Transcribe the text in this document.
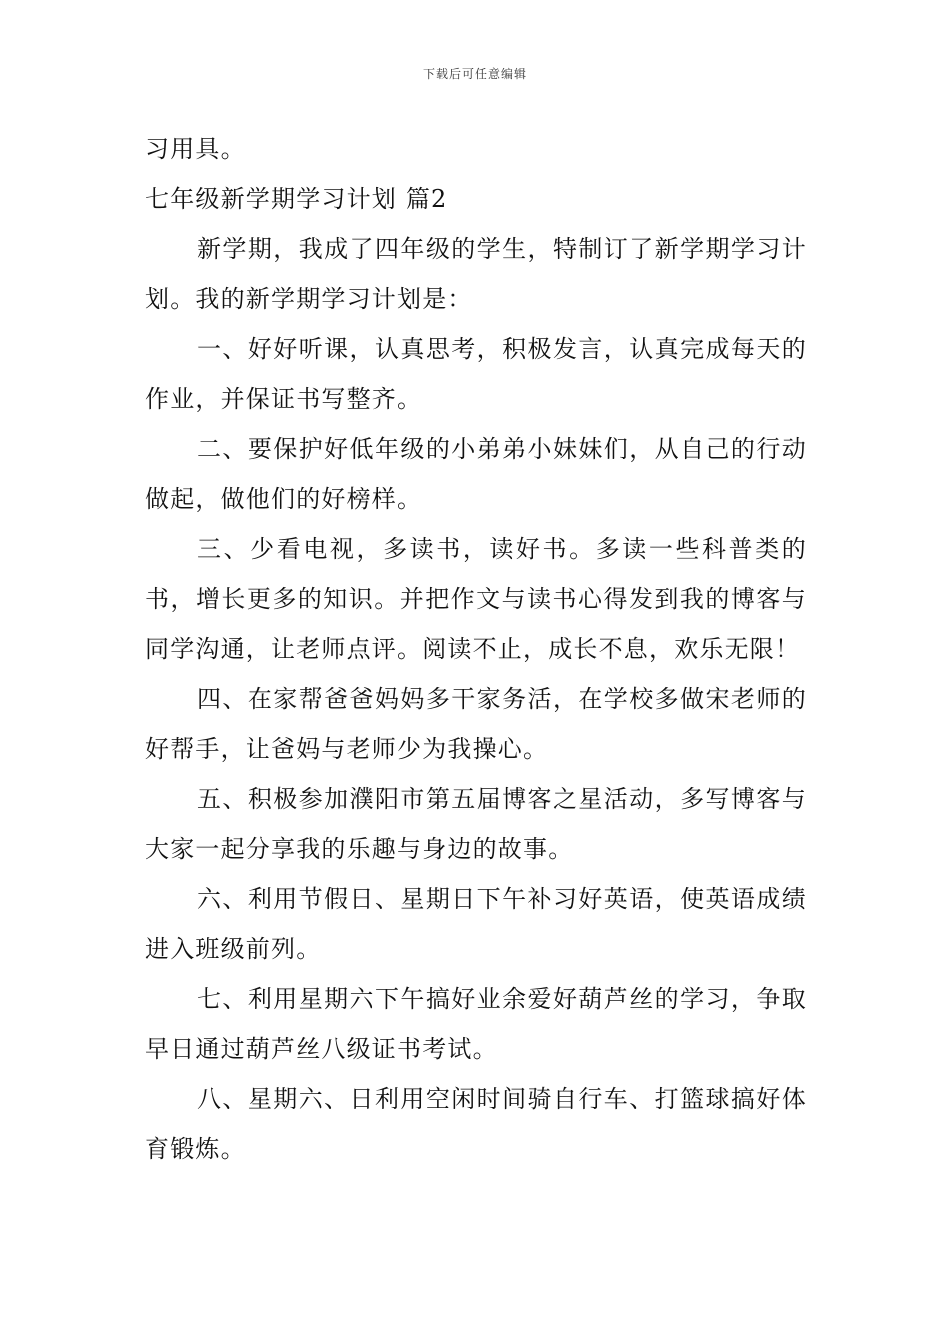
下载后可任意编辑

习用具。

七年级新学期学习计划 篇2

新学期，我成了四年级的学生，特制订了新学期学习计划。我的新学期学习计划是：

一、好好听课，认真思考，积极发言，认真完成每天的作业，并保证书写整齐。

二、要保护好低年级的小弟弟小妹妹们，从自己的行动做起，做他们的好榜样。

三、少看电视，多读书，读好书。多读一些科普类的书，增长更多的知识。并把作文与读书心得发到我的博客与同学沟通，让老师点评。阅读不止，成长不息，欢乐无限！

四、在家帮爸爸妈妈多干家务活，在学校多做宋老师的好帮手，让爸妈与老师少为我操心。

五、积极参加濮阳市第五届博客之星活动，多写博客与大家一起分享我的乐趣与身边的故事。

六、利用节假日、星期日下午补习好英语，使英语成绩进入班级前列。

七、利用星期六下午搞好业余爱好葫芦丝的学习，争取早日通过葫芦丝八级证书考试。

八、星期六、日利用空闲时间骑自行车、打篮球搞好体育锻炼。
